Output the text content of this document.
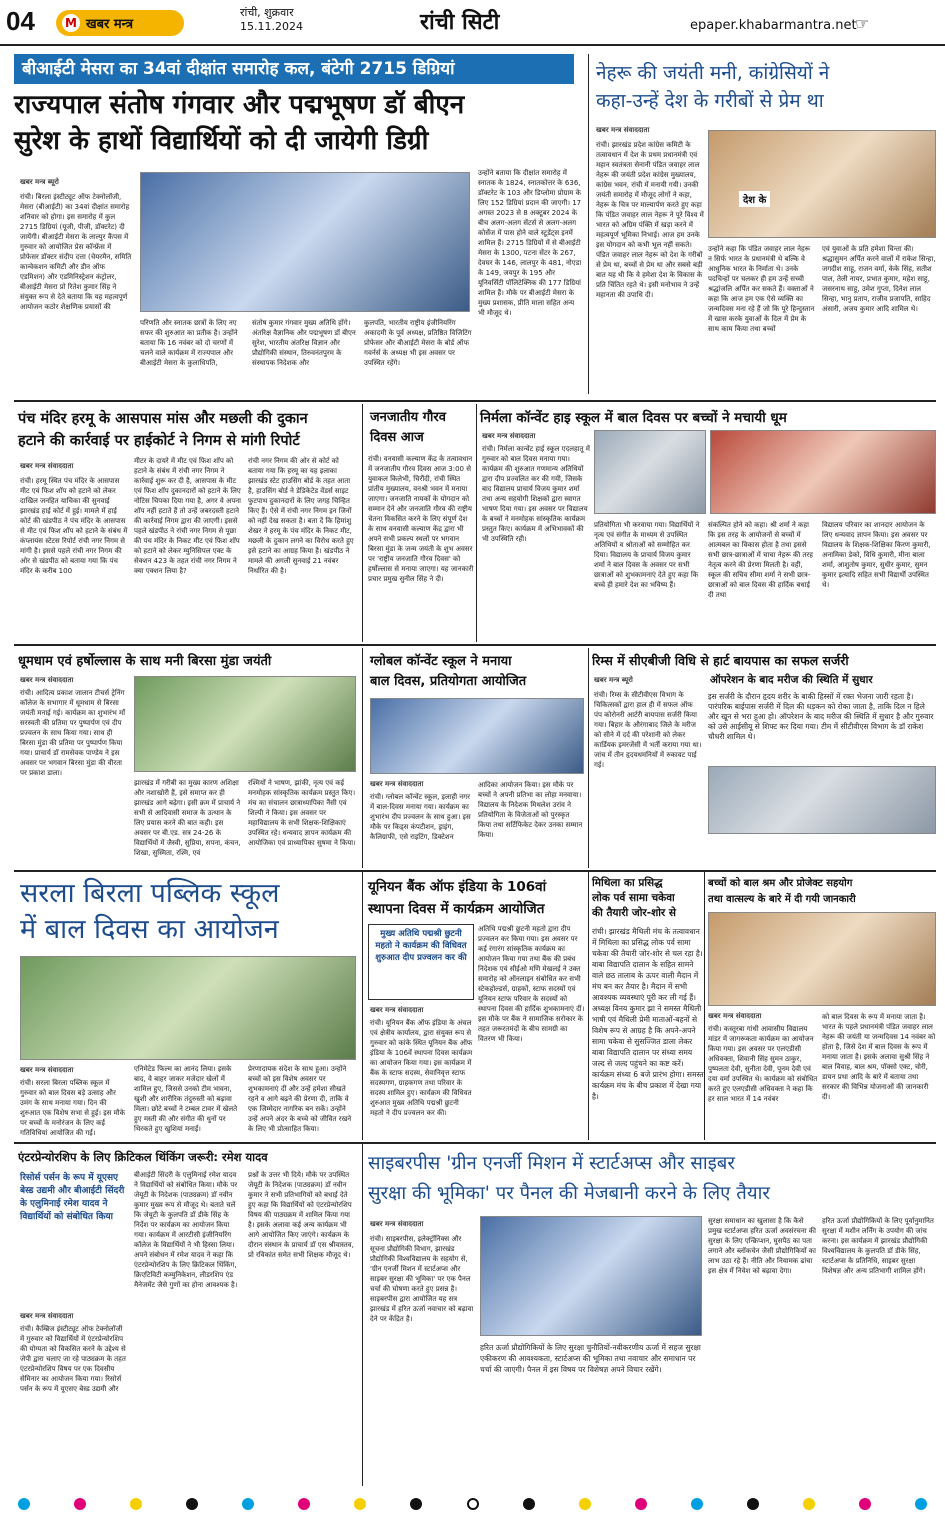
04	M खबर मन्त्र
रांची, शुक्रवार
15.11.2024	रांची सिटी	epaper.khabarmantra.net
☞
बीआईटी मेसरा का 34वां दीक्षांत समारोह कल, बंटेगी 2715 डिग्रियां
राज्यपाल संतोष गंगवार और पद्मभूषण डॉ बीएन
सुरेश के हाथों विद्यार्थियों को दी जायेगी डिग्री
खबर मन्त्र ब्यूरो
रांची। बिरला इंस्टीट्यूट ऑफ टेक्नोलॉजी, मेसरा (बीआईटी) का 34वां दीक्षांत समारोह शनिवार को होगा। इस समारोह में कुल 2715 डिग्रियां (यूजी, पीजी, डॉक्टरेट) दी जायेंगी। बीआईटी मेसरा के लाल्पुर कैंपस में गुरुवार को आयोजित प्रेस कॉन्फ्रेंस में प्रोफेसर डॉक्टर संदीप दत्ता (चेयरमैन, समिति कान्वेकशन कमिटी और डीन ऑफ एडमिशन) और एडमिनिस्ट्रेशन कंट्रोलर, बीआईटी मेसरा प्रो रितेश कुमार सिंह ने संयुक्त रूप से देते बताया कि यह महत्वपूर्ण आयोजन कठोर शैक्षणिक प्रयासों की
परिणति और स्नातक छात्रों के लिए नए सफर की शुरुआत का प्रतीक है। उन्होंने बताया कि 16 नवंबर को दो चरणों में चलने वाले कार्यक्रम में राज्यपाल और बीआईटी मेसरा के कुलाधिपति,
संतोष कुमार गंगवार मुख्य अतिथि होंगे। अंतरिक्ष वैज्ञानिक और पद्मभूषण डॉ बीएन सुरेश, भारतीय अंतरिक्ष विज्ञान और प्रौद्योगिकी संस्थान, तिरुवनंतपुरम के संस्थापक निदेशक और
कुलपति, भारतीय राष्ट्रीय इंजीनियरिंग अकादमी के पूर्व अध्यक्ष, प्रतिष्ठित विजिटिंग प्रोफेसर और बीआईटी मेसरा के बोर्ड ऑफ गवर्नर्स के अध्यक्ष भी इस अवसर पर उपस्थित रहेंगे।
उन्होंने बताया कि दीक्षांत समारोह में स्नातक के 1824, स्नातकोत्तर के 636, डॉक्टरेट के 103 और डिप्लोमा प्रोग्राम के लिए 152 डिग्रियां प्रदान की जाएगी। 17 अगस्त 2023 से 8 अक्टूबर 2024 के बीच अलग-अलग सेंटर्स से अलग-अलग कोर्सेज में पास होने वाले स्टूडेंट्स इनमें शामिल हैं। 2715 डिग्रियों में से बीआईटी मेसरा के 1300, पटना सेंटर के 267, देवघर के 146, लालपुर के 481, नोएडा के 149, जयपुर के 195 और यूनिवर्सिटी पॉलिटेक्निक की 177 डिग्रियां शामिल हैं। मौके पर बीआईटी मेसरा के मुख्य प्रशासक, प्रीति माला सहित अन्य भी मौजूद थे।
नेहरू की जयंती मनी, कांग्रेसियों ने
कहा-उन्हें देश के गरीबों से प्रेम था
खबर मन्त्र संवाददाता
रांची। झारखंड प्रदेश कांग्रेस कमिटी के तत्वावधान में देश के प्रथम प्रधानमंत्री एवं महान स्वतंत्रता सेनानी पंडित जवाहर लाल नेहरू की जयंती प्रदेश कांग्रेस मुख्यालय, कांग्रेस भवन, रांची में मनायी गयी। उनकी जयंती समारोह में मौजूद लोगों ने कहा, नेहरू के चित्र पर माल्यार्पण करते हुए कहा कि पंडित जवाहर लाल नेहरू ने पूरे विश्व में भारत को अग्रिम पंक्ति में खड़ा करने में महत्वपूर्ण भूमिका निभाई। आज हम उनके इस योगदान को कभी भूल नहीं सकते। पंडित जवाहर लाल नेहरू को देश के गरीबों से प्रेम था, बच्चों से प्रेम था और सबसे बड़ी बात यह थी कि वे हमेशा देश के विकास के प्रति चिंतित रहते थे। इसी मनोभाव ने उन्हें महानता की उपाधि दी।
देश के
उन्होंने कहा कि पंडित जवाहर लाल नेहरू न सिर्फ भारत के प्रधानमंत्री थे बल्कि वे आधुनिक भारत के निर्माता थे। उनके पदचिन्हों पर चलकर ही हम उन्हें सच्ची श्रद्धांजलि अर्पित कर सकते हैं। वक्ताओं ने कहा कि आज हम एक ऐसे व्यक्ति का जन्मदिवस मना रहे हैं जो कि पूरे हिन्दुस्तान में खास करके युवाओं के दिल में प्रेम के साथ काम किया तथा बच्चों
एवं युवाओं के प्रति हमेशा चिन्ता की। श्रद्धासुमन अर्पित करने वालों में राकेश सिन्हा, जगदीश साहू, राजन वर्मा, केके सिंह, सतीश पाल, तेली नायर, प्रभात कुमार, महेश साहू, जसरनाथ साहू, उमेश गुप्ता, दिनेश लाल सिन्हा, भानु प्रताप, राजीव प्रजापति, साहिद अंसारी, अजय कुमार आदि शामिल थे।
पंच मंदिर हरमू के आसपास मांस और मछली की दुकान
हटाने की कार्रवाई पर हाईकोर्ट ने निगम से मांगी रिपोर्ट
खबर मन्त्र संवाददाता
रांची। हरमू स्थित पंच मंदिर के आसपास मीट एवं फिश शॉप को हटाने को लेकर दाखिल जनहित याचिका की सुनवाई झारखंड हाई कोर्ट में हुई। मामले में हाई कोर्ट की खंडपीठ ने पंच मंदिर के आसपास से मीट एवं फिश शॉप को हटाने के संबंध में कंप्लायंस स्टेटस रिपोर्ट रांची नगर निगम से मांगी है। इससे पहले रांची नगर निगम की ओर से खंडपीठ को बताया गया कि पंच मंदिर के करीब 100
मीटर के दायरे में मीट एवं फिश शॉप को हटाने के संबंध में रांची नगर निगम ने कार्रवाई शुरू कर दी है, आसपास के मीट एवं फिश शॉप दुकानदारों को हटाने के लिए नोटिस चिपका दिया गया है, अगर वे अपना शॉप नहीं हटाते हैं तो उन्हें जबरदस्ती हटाने की कार्रवाई निगम द्वारा की जाएगी। इससे पहले खंडपीठ ने रांची नगर निगम से पूछा की पंच मंदिर के निकट मीट एवं फिश शॉप को हटाने को लेकर म्युनिसिपल एक्ट के सेक्शन 423 के तहत रांची नगर निगम ने क्या एक्शन लिया है?
रांची नगर निगम की ओर से कोर्ट को बताया गया कि हरमू का यह इलाका झारखंड स्टेट हाउसिंग बोर्ड के तहत आता है, हाउसिंग बोर्ड ने डेडिकेटेड वेंडर्स साइट फुटपाथ दुकानदारों के लिए जगह चिन्हित किए हैं। ऐसे में रांची नगर निगम इन जिनों को नहीं देख सकता है। बता दें कि हिमांशु शेखर ने हरमू के पंच मंदिर के निकट मीट, मछली के दुकान लगने का विरोध करते हुए इसे हटाने का आग्रह किया है। खंडपीठ ने मामले की अगली सुनवाई 21 नवंबर निर्धारित की है।
जनजातीय गौरव
दिवस आज
रांची। वनवासी कल्याण केंद्र के तत्वावधान में जनजातीय गौरव दिवस आज 3:00 से युवाकल किलेभी, चिरौंदी, रांची स्थित प्रांतीय मुख्यालय, वनश्री भवन में मनाया जाएगा। जनजाति नायकों के योगदान को सम्मान देने और जनजाति गौरव की राष्ट्रीय चेतना विकसित करने के लिए संपूर्ण देश के साथ वनवासी कल्याण केंद्र द्वारा भी अपने सभी प्रकल्प स्थलों पर भगवान बिरसा मुंडा के जन्म जयंती के शुभ अवसर पर 'राष्ट्रीय जनजाति गौरव दिवस' को हर्षोल्लास से मनाया जाएगा। यह जानकारी प्रचार प्रमुख सुनील सिंह ने दी।
निर्मला कॉन्वेंट हाइ स्कूल में बाल दिवस पर बच्चों ने मचायी धूम
खबर मन्त्र संवाददाता
रांची। निर्मला कान्वेंट हाई स्कूल एदलहातू में गुरुवार को बाल दिवस मनाया गया। कार्यक्रम की शुरुआत गणमान्य अतिथियों द्वारा दीप प्रज्वलित कर की गयी, जिसके बाद विद्यालय प्राचार्य विजय कुमार शर्मा तथा अन्य सहयोगी शिक्षकों द्वारा स्वागत भाषण दिया गया। इस अवसर पर विद्यालय के बच्चों ने मनमोहक सांस्कृतिक कार्यक्रम प्रस्तुत किए। कार्यक्रम में अभिभावकों की भी उपस्थिति रही।
प्रतियोगिता भी करवाया गया। विद्यार्थियों ने नृत्य एवं संगीत के माध्यम से उपस्थित अतिथियों व श्रोताओं को सम्मोहित कर दिया। विद्यालय के प्राचार्य विजय कुमार शर्मा ने बाल दिवस के अवसर पर सभी छात्राओं को शुभकामनाएं देते हुए कहा कि बच्चे ही हमारे देश का भविष्य हैं।
संकल्पित होने को कहा। श्री शर्मा ने कहा कि इस तरह के आयोजनों से बच्चों में आत्मबल का विकास होता है तथा इससे सभी छात्र-छात्राओं में चाचा नेहरू की तरह नेतृत्व करने की प्रेरणा मिलती है। वहीं, स्कूल की सचिव सीमा शर्मा ने सभी छात्र-छात्राओं को बाल दिवस की हार्दिक बधाई दी तथा
विद्यालय परिवार का शानदार आयोजन के लिए धन्यवाद ज्ञापन किया। इस अवसर पर विद्यालय के शिक्षक-शिक्षिका किरण कुमारी, अनामिका डेको, विधि कुमारी, मीना बाला शर्मा, आशुतोष कुमार, सुधीर कुमार, सुमन कुमार इत्यादि सहित सभी विद्यार्थी उपस्थित थे।
धूमधाम एवं हर्षोल्लास के साथ मनी बिरसा मुंडा जयंती
खबर मन्त्र संवाददाता
रांची। आदित्य प्रकाश जालान टीचर्स ट्रेनिंग कॉलेज के सभागार में धूमधाम से बिरसा जयंती मनाई गई। कार्यक्रम का शुभारंभ माँ सरस्वती की प्रतिमा पर पुष्पार्पण एवं दीप प्रज्वलन के साथ किया गया। साथ ही बिरसा मुंडा की प्रतिमा पर पुष्पार्पण किया गया। प्राचार्य डॉ रामसेवक पाण्डेय ने इस अवसर पर भगवान बिरसा मुंडा की वीरता पर प्रकाश डाला।
झारखंड में गरीबी का मुख्य कारण अशिक्षा और नशाखोरी हैं, इसे समाप्त कर ही झारखंड आगे बढ़ेगा। इसी क्रम में प्राचार्य ने सभी से आदिवासी समाज के उत्थान के लिए प्रयास करने की बात कही। इस अवसर पर बी.एड. सत्र 24-26 के विद्यार्थियों में जैस्वी, सुप्रिया, सपना, कंचन, शिखा, सुस्मिता, रश्मि, एवं
रश्मियों ने भाषण, झांकी, नृत्य एवं कई मनमोहक सांस्कृतिक कार्यक्रम प्रस्तुत किए। मंच का संचालन छात्राध्यापिका नैंसी एवं शिल्पी ने किया। इस अवसर पर महाविद्यालय के सभी शिक्षक-शिक्षिकाएं उपस्थित रहे। धन्यवाद ज्ञापन कार्यक्रम की आयोजिका एवं प्राध्यापिका सुषमा ने किया।
ग्लोबल कॉन्वेंट स्कूल ने मनाया
बाल दिवस, प्रतियोगता आयोजित
खबर मन्त्र संवाददाता
रांची। ग्लोबल कॉन्वेंट स्कूल, इलाही नगर में बाल-दिवस मनाया गया। कार्यक्रम का शुभारंभ दीप प्रज्वलन के साथ हुआ। इस मौके पर किड्स कंपटीशन, ड्राइंग, कैलिग्राफी, एसे राइटिंग, डिक्टेशन
आदिका आयोजन किया। इस मौके पर बच्चों ने अपनी प्रतिभा का लोहा मनवाया। विद्यालय के निदेशक मिथलेश उरांव ने प्रतियोगिता के विजेताओं को पुरस्कृत किया तथा सर्टिफिकेट देकर उनका सम्मान किया।
रिम्स में सीएबीजी विधि से हार्ट बायपास का सफल सर्जरी
ऑपरेशन के बाद मरीज की स्थिति में सुधार
खबर मन्त्र ब्यूरो
रांची। रिम्स के सीटीवीएस विभाग के चिकित्सकों द्वारा हाल ही में सफल ऑफ पंप कोरोनरी आर्टरी बायपास सर्जरी किया गया। बिहार के औरंगाबाद जिले के मरीज को सीने में दर्द की परेशानी को लेकर कार्डियक इमरजेंसी में भर्ती कराया गया था। जांच में तीन हृदयधमनियों में रुकावट पाई गई।
इस सर्जरी के दौरान हृदय शरीर के बाकी हिस्सों में रक्त भेजना जारी रहता है। पारंपरिक बाईपास सर्जरी में दिल की धड़कन को रोका जाता है, ताकि दिल न हिले और खून से भरा हुआ हो। ऑपरेशन के बाद मरीज की स्थिति में सुधार है और गुरुवार को उसे आईसीयू से शिफ्ट कर दिया गया। टीम में सीटीवीएस विभाग के डॉ राकेश चौधरी शामिल थे।
सरला बिरला पब्लिक स्कूल
में बाल दिवस का आयोजन
खबर मन्त्र संवाददाता
रांची। सरला बिरला पब्लिक स्कूल में गुरुवार को बाल दिवस बड़े उत्साह और उमंग के साथ मनाया गया। दिन की शुरुआत एक विशेष सभा से हुई। इस मौके पर बच्चों के मनोरंजन के लिए कई गतिविधियां आयोजित की गईं।
एनिमेटेड फिल्म का आनंद लिया। इसके बाद, वे बाहर जाकर मजेदार खेलों में शामिल हुए, जिससे उनको टीम भावना, खुशी और शारीरिक तंदुरुस्ती को बढ़ावा मिला। छोटे बच्चों ने टम्बल टावर में खेलते हुए मस्ती की और संगीत की धुनों पर थिरकते हुए खुशियां मनाईं।
प्रेरणादायक संदेश के साथ हुआ। उन्होंने बच्चों को इस विशेष अवसर पर शुभकामनाएं दीं और उन्हें हमेशा सीखते रहने व आगे बढ़ने की प्रेरणा दी, ताकि वे एक जिम्मेदार नागरिक बन सकें। उन्होंने उन्हें अपने अंदर के बच्चे को जीवित रखने के लिए भी प्रोत्साहित किया।
यूनियन बैंक ऑफ इंडिया के 106वां
स्थापना दिवस में कार्यक्रम आयोजित
मुख्य अतिथि पद्मश्री छुटनी महतो ने कार्यक्रम की विधिवत शुरुआत दीप प्रज्वलन कर की
खबर मन्त्र संवाददाता
रांची। यूनियन बैंक ऑफ इंडिया के अंचल एवं क्षेत्रीय कार्यालय, द्वारा संयुक्त रूप से गुरुवार को कांके स्थित यूनियन बैंक ऑफ इंडिया के 106वें स्थापना दिवस कार्यक्रम का आयोजन किया गया। इस कार्यक्रम में बैंक के स्टाफ सदस्य, सेवानिवृत्त स्टाफ सदस्यगण, ग्राहकगण तथा परिवार के सदस्य शामिल हुए। कार्यक्रम की विधिवत शुरुआत मुख्य अतिथि पद्मश्री छुटनी महतो ने दीप प्रज्वलन कर की।
अतिथि पद्मश्री छुटनी महतो द्वारा दीप प्रज्वलन कर किया गया। इस अवसर पर कई रंगारंग सांस्कृतिक कार्यक्रम का आयोजन किया गया तथा बैंक की प्रबंध निदेशक एवं सीईओ मणि मेखलई ने उक्त समारोह को ऑनलाइन संबोधित कर सभी स्टेकहोल्डर्स, ग्राहकों, स्टाफ सदस्यों एवं यूनियन स्टाफ परिवार के सदस्यों को स्थापना दिवस की हार्दिक शुभकामनाएं दीं। इस मौके पर बैंक ने सामाजिक सरोकार के तहत जरूरतमंदों के बीच सामग्री का वितरण भी किया।
मिथिला का प्रसिद्ध
लोक पर्व सामा चकेवा
की तैयारी जोर-शोर से
रांची। झारखंड मैथिली मंच के तत्वावधान में मिथिला का प्रसिद्ध लोक पर्व सामा चकेवा की तैयारी जोर-शोर से चल रहा है। बाबा विद्यापति दालान के सहित सामने वाले छठ तालाब के ऊपर वाली मैदान में मंच बन कर तैयार है। मैदान में सभी आवश्यक व्यवस्थाएं पूरी कर ली गई हैं। अध्यक्ष विनय कुमार झा ने समस्त मैथिली भाषी एवं मैथिली प्रेमी माताओं-बहनों से विशेष रूप से आग्रह है कि अपने-अपने सामा चकेवा से सुसज्जित डाला लेकर बाबा विद्यापति दालान पर संध्या समय जल्द से जल्द पहुंचने का कष्ट करें। कार्यक्रम संध्या 6 बजे प्रारंभ होगा। समस्त कार्यक्रम मंच के बीच प्रकाश में देखा गया है।
बच्चों को बाल श्रम और प्रोजेक्ट सहयोग
तथा वात्सल्य के बारे में दी गयी जानकारी
खबर मन्त्र संवाददाता
रांची। कस्तूरबा गांधी आवासीय विद्यालय मांडर में जागरूकता कार्यक्रम का आयोजन किया गया। इस अवसर पर एलएडीसी अधिवक्ता, शिवानी सिंह सुमन ठाकुर, पुष्पलता देवी, सुनीता देवी, पूनम देवी एवं दया वर्मा उपस्थित थे। कार्यक्रम को संबोधित करते हुए एलएडीसी अधिवक्ता ने कहा कि हर साल भारत में 14 नवंबर
को बाल दिवस के रूप में मनाया जाता है। भारत के पहले प्रधानमंत्री पंडित जवाहर लाल नेहरू की जयंती या जन्मदिवस 14 नवंबर को होता है, जिसे देश में बाल दिवस के रूप में मनाया जाता है। इसके अलावा सुश्री सिंह ने बाल विवाह, बाल श्रम, पॉक्सो एक्ट, चोरी, डायन प्रथा आदि के बारे में बताया तथा सरकार की विभिन्न योजनाओं की जानकारी दी।
एंटरप्रेन्योरशिप के लिए क्रिटिकल थिंकिंग जरूरी: रमेश यादव
रिसोर्स पर्सन के रूप में यूएसए बेस्ड उद्यमी और बीआईटी सिंदरी के एलुमिनाई रमेश यादव ने विद्यार्थियों को संबोधित किया
खबर मन्त्र संवाददाता
रांची। कैम्ब्रिज इंस्टीट्यूट ऑफ टेक्नोलॉजी में गुरुवार को विद्यार्थियों में एंटरप्रेन्योरशिप की योग्यता को विकसित करने के उद्देश्य से जेपी द्वारा चलाए जा रहे पाठ्यक्रम के तहत एंटरप्रेन्योरशिप विषय पर एक दिवसीय सेमिनार का आयोजन किया गया। रिसोर्स पर्सन के रूप में यूएसए बेस्ड उद्यमी और
बीआईटी सिंदरी के एलुमिनाई रमेश यादव ने विद्यार्थियों को संबोधित किया। मौके पर जेयूटी के निदेशक (पाठ्यक्रम) डॉ नवीन कुमार मुख्य रूप से मौजूद थे। बताते चलें कि जेयूटी के कुलपति डॉ डीके सिंह के निर्देश पर कार्यक्रम का आयोजन किया गया। कार्यक्रम में आरटीसी इंजीनियरिंग कॉलेज के विद्यार्थियों ने भी हिस्सा लिया। अपने संबोधन में रमेश यादव ने कहा कि एंटरप्रेन्योरशिप के लिए क्रिटिकल थिंकिंग, क्रिएटिविटी कम्युनिकेशन, लीडरशिप एंड मैनेजमेंट जैसे गुणों का होना आवश्यक है।
प्रश्नों के उत्तर भी दिये। मौके पर उपस्थित जेयूटी के निदेशक (पाठ्यक्रम) डॉ नवीन कुमार ने सभी प्रतिभागियों को बधाई देते हुए कहा कि विद्यार्थियों को एंटरप्रेन्योरशिप विषय की पाठ्यक्रम में शामिल किया गया है। इसके अलावा कई अन्य कार्यक्रम भी आगे आयोजित किए जाएंगे। कार्यक्रम के दौरान संस्थान के प्राचार्य डॉ एस श्रीवास्तव, प्रो रविकांत समेत सभी शिक्षक मौजूद थे।
साइबरपीस 'ग्रीन एनर्जी मिशन में स्टार्टअप्स और साइबर
सुरक्षा की भूमिका' पर पैनल की मेजबानी करने के लिए तैयार
खबर मन्त्र संवाददाता
रांची। साइबरपीस, इलेक्ट्रॉनिक्स और सूचना प्रौद्योगिकी विभाग, झारखंड प्रौद्योगिकी विश्वविद्यालय के सहयोग से, 'ग्रीन एनर्जी मिशन में स्टार्टअप्स और साइबर सुरक्षा की भूमिका' पर एक पैनल चर्चा की घोषणा करते हुए प्रसन्न है। साइबरपीस द्वारा आयोजित यह सत्र झारखंड में हरित ऊर्जा नवाचार को बढ़ावा देने पर केंद्रित है।
हरित ऊर्जा प्रौद्योगिकियों के लिए सुरक्षा चुनौतियों-नवीकरणीय ऊर्जा में सहज सुरक्षा एकीकरण की आवश्यकता, स्टार्टअप्स की भूमिका तथा नवाचार और समाधान पर चर्चा की जाएगी। पैनल में इस विषय पर विशेषज्ञ अपने विचार रखेंगे।
सुरक्षा समाधान का खुलासा है कि कैसे प्रमुख स्टार्टअप्स हरित ऊर्जा अवसंरचना की सुरक्षा के लिए एन्क्रिप्शन, घुसपैठ का पता लगाने और ब्लॉकचेन जैसी प्रौद्योगिकियों का लाभ उठा रहे हैं। नीति और नियामक ढांचा इस क्षेत्र में निवेश को बढ़ावा देगा।
हरित ऊर्जा प्रौद्योगिकियों के लिए पूर्वानुमानित सुरक्षा में मशीन लर्निंग के उपयोग की जांच करना। इस कार्यक्रम में झारखंड प्रौद्योगिकी विश्वविद्यालय के कुलपति डॉ डीके सिंह, स्टार्टअप्स के प्रतिनिधि, साइबर सुरक्षा विशेषज्ञ और अन्य प्रतिभागी शामिल होंगे।
